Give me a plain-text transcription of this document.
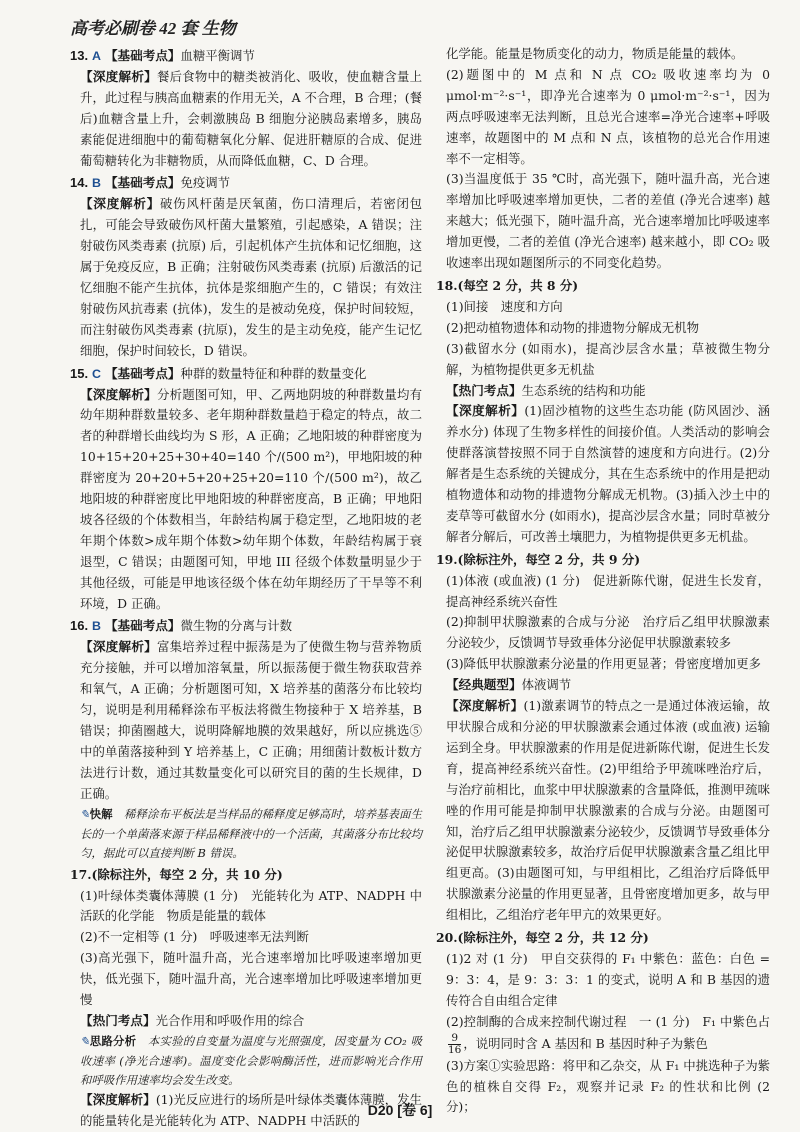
高考必刷卷 42 套 生物

13. A 【基础考点】血糖平衡调节

【深度解析】餐后食物中的糖类被消化、吸收，使血糖含量上升，此过程与胰高血糖素的作用无关，A 不合理，B 合理；(餐后)血糖含量上升，会刺激胰岛 B 细胞分泌胰岛素增多，胰岛素能促进细胞中的葡萄糖氧化分解、促进肝糖原的合成、促进葡萄糖转化为非糖物质，从而降低血糖，C、D 合理。

14. B 【基础考点】免疫调节

【深度解析】破伤风杆菌是厌氧菌，伤口清理后，若密闭包扎，可能会导致破伤风杆菌大量繁殖，引起感染，A 错误；注射破伤风类毒素 (抗原) 后，引起机体产生抗体和记忆细胞，这属于免疫反应，B 正确；注射破伤风类毒素 (抗原) 后激活的记忆细胞不能产生抗体，抗体是浆细胞产生的，C 错误；有效注射破伤风抗毒素 (抗体)，发生的是被动免疫，保护时间较短，而注射破伤风类毒素 (抗原)，发生的是主动免疫，能产生记忆细胞，保护时间较长，D 错误。

15. C 【基础考点】种群的数量特征和种群的数量变化

【深度解析】分析题图可知，甲、乙两地阴坡的种群数量均有幼年期种群数量较多、老年期种群数量趋于稳定的特点，故二者的种群增长曲线均为 S 形，A 正确；乙地阳坡的种群密度为 10+15+20+25+30+40=140 个/(500 m²)，甲地阳坡的种群密度为 20+20+5+20+25+20=110 个/(500 m²)，故乙地阳坡的种群密度比甲地阳坡的种群密度高，B 正确；甲地阳坡各径级的个体数相当，年龄结构属于稳定型，乙地阳坡的老年期个体数>成年期个体数>幼年期个体数，年龄结构属于衰退型，C 错误；由题图可知，甲地 III 径级个体数量明显少于其他径级，可能是甲地该径级个体在幼年期经历了干旱等不利环境，D 正确。

16. B 【基础考点】微生物的分离与计数

【深度解析】富集培养过程中振荡是为了使微生物与营养物质充分接触，并可以增加溶氧量，所以振荡便于微生物获取营养和氧气，A 正确；分析题图可知，X 培养基的菌落分布比较均匀，说明是利用稀释涂布平板法将微生物接种于 X 培养基，B 错误；抑菌圈越大，说明降解地膜的效果越好，所以应挑选⑤中的单菌落接种到 Y 培养基上，C 正确；用细菌计数板计数方法进行计数，通过其数量变化可以研究目的菌的生长规律，D 正确。

✎快解　 稀释涂布平板法是当样品的稀释度足够高时，培养基表面生长的一个单菌落来源于样品稀释液中的一个活菌，其菌落分布比较均匀，据此可以直接判断 B 错误。

17.(除标注外，每空 2 分，共 10 分)

(1)叶绿体类囊体薄膜 (1 分)　光能转化为 ATP、NADPH 中活跃的化学能　物质是能量的载体

(2)不一定相等 (1 分)　呼吸速率无法判断

(3)高光强下，随叶温升高，光合速率增加比呼吸速率增加更快，低光强下，随叶温升高，光合速率增加比呼吸速率增加更慢

【热门考点】光合作用和呼吸作用的综合

✎思路分析　 本实验的自变量为温度与光照强度，因变量为 CO₂ 吸收速率 (净光合速率)。温度变化会影响酶活性，进而影响光合作用和呼吸作用速率均会发生改变。

【深度解析】(1)光反应进行的场所是叶绿体类囊体薄膜，发生的能量转化是光能转化为 ATP、NADPH 中活跃的

化学能。能量是物质变化的动力，物质是能量的载体。

(2)题图中的 M 点和 N 点 CO₂ 吸收速率均为 0 μmol·m⁻²·s⁻¹，即净光合速率为 0 μmol·m⁻²·s⁻¹，因为两点呼吸速率无法判断，且总光合速率=净光合速率+呼吸速率，故题图中的 M 点和 N 点，该植物的总光合作用速率不一定相等。

(3)当温度低于 35 ℃时，高光强下，随叶温升高，光合速率增加比呼吸速率增加更快，二者的差值 (净光合速率) 越来越大；低光强下，随叶温升高，光合速率增加比呼吸速率增加更慢，二者的差值 (净光合速率) 越来越小，即 CO₂ 吸收速率出现如题图所示的不同变化趋势。

18.(每空 2 分，共 8 分)

(1)间接　速度和方向

(2)把动植物遗体和动物的排遗物分解成无机物

(3)截留水分 (如雨水)，提高沙层含水量；草被微生物分解，为植物提供更多无机盐

【热门考点】生态系统的结构和功能

【深度解析】(1)固沙植物的这些生态功能 (防风固沙、涵养水分) 体现了生物多样性的间接价值。人类活动的影响会使群落演替按照不同于自然演替的速度和方向进行。(2)分解者是生态系统的关键成分，其在生态系统中的作用是把动植物遗体和动物的排遗物分解成无机物。(3)插入沙土中的麦草等可截留水分 (如雨水)，提高沙层含水量；同时草被分解者分解后，可改善土壤肥力，为植物提供更多无机盐。

19.(除标注外，每空 2 分，共 9 分)

(1)体液 (或血液) (1 分)　促进新陈代谢，促进生长发育，提高神经系统兴奋性

(2)抑制甲状腺激素的合成与分泌　治疗后乙组甲状腺激素分泌较少，反馈调节导致垂体分泌促甲状腺激素较多

(3)降低甲状腺激素分泌量的作用更显著；骨密度增加更多

【经典题型】体液调节

【深度解析】(1)激素调节的特点之一是通过体液运输，故甲状腺合成和分泌的甲状腺激素会通过体液 (或血液) 运输运到全身。甲状腺激素的作用是促进新陈代谢，促进生长发育，提高神经系统兴奋性。(2)甲组给予甲巯咪唑治疗后，与治疗前相比，血浆中甲状腺激素的含量降低，推测甲巯咪唑的作用可能是抑制甲状腺激素的合成与分泌。由题图可知，治疗后乙组甲状腺激素分泌较少，反馈调节导致垂体分泌促甲状腺激素较多，故治疗后促甲状腺激素含量乙组比甲组更高。(3)由题图可知，与甲组相比，乙组治疗后降低甲状腺激素分泌量的作用更显著，且骨密度增加更多，故与甲组相比，乙组治疗老年甲亢的效果更好。

20.(除标注外，每空 2 分，共 12 分)

(1)2 对 (1 分)　甲自交获得的 F₁ 中紫色：蓝色：白色 = 9：3：4，是 9：3：3：1 的变式，说明 A 和 B 基因的遗传符合自由组合定律

(2)控制酶的合成来控制代谢过程　一 (1 分)　F₁ 中紫色占
$\frac{9}{16}$ ，说明同时含 A 基因和 B 基因时种子为紫色

(3)方案①实验思路：将甲和乙杂交，从 F₁ 中挑选种子为紫色的植株自交得 F₂，观察并记录 F₂ 的性状和比例 (2 分)；

D20 [卷 6]
